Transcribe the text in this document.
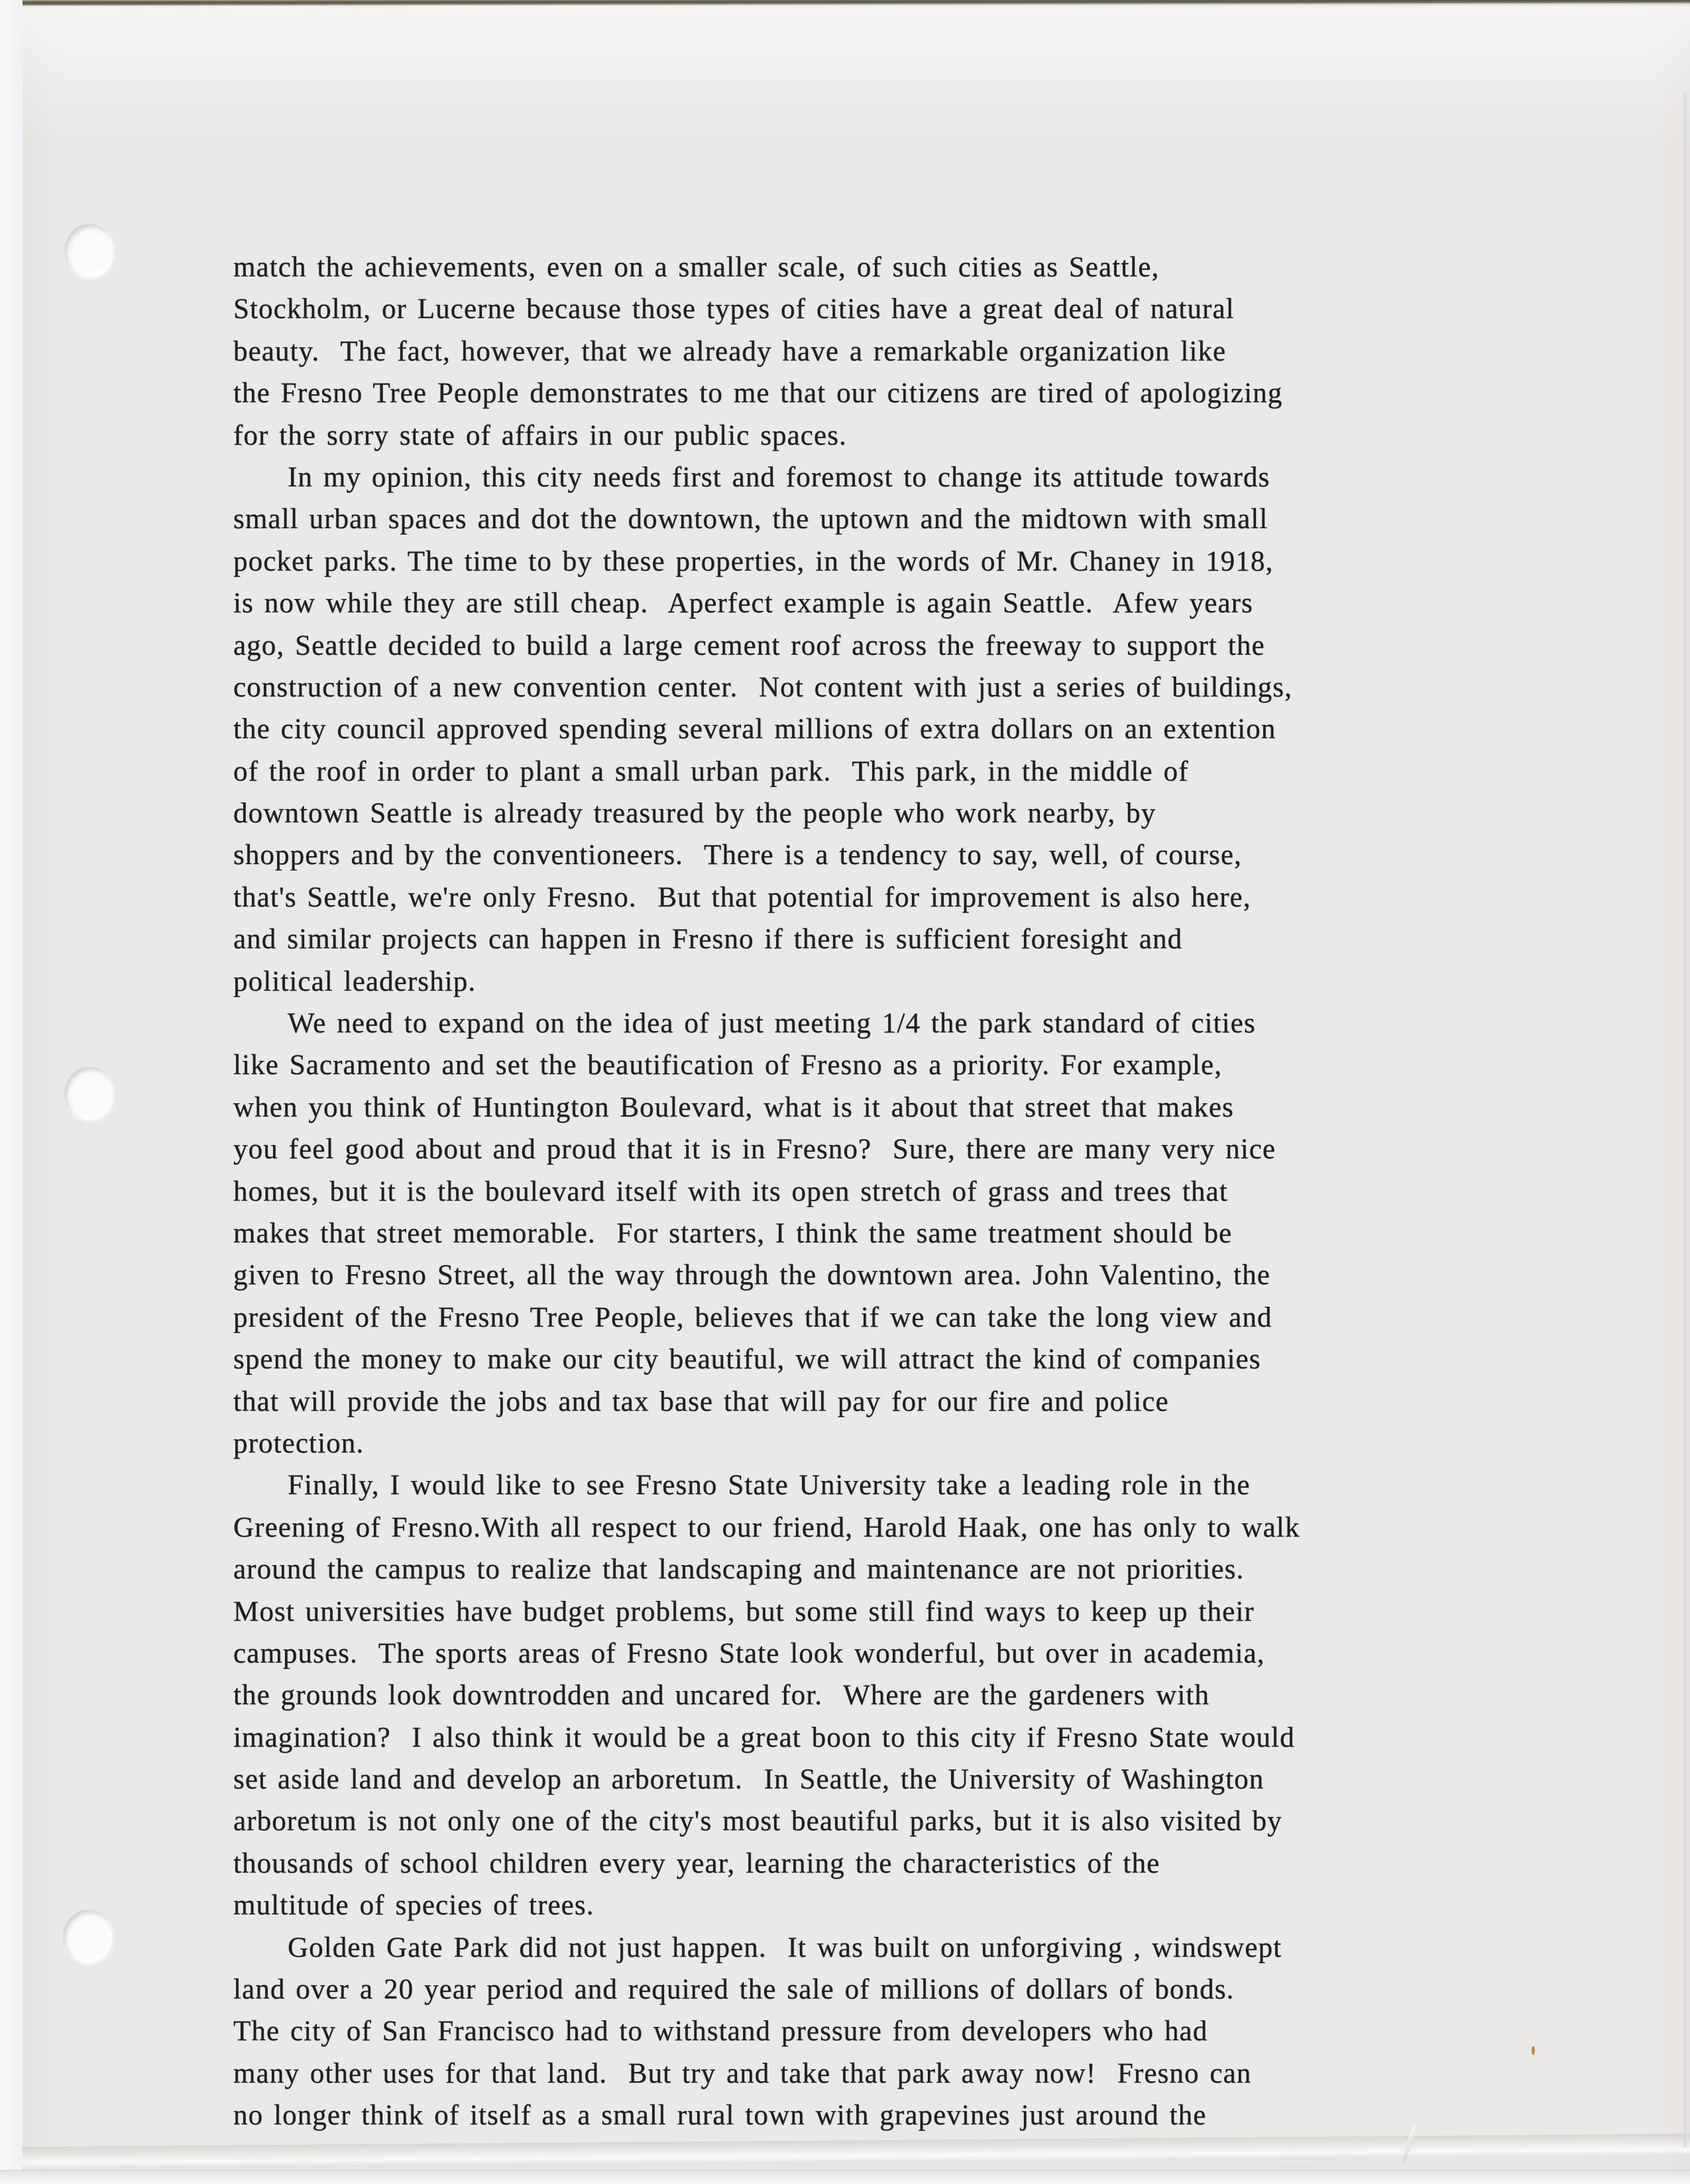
match the achievements, even on a smaller scale, of such cities as Seattle,
Stockholm, or Lucerne because those types of cities have a great deal of natural
beauty.  The fact, however, that we already have a remarkable organization like
the Fresno Tree People demonstrates to me that our citizens are tired of apologizing
for the sorry state of affairs in our public spaces.

In my opinion, this city needs first and foremost to change its attitude towards
small urban spaces and dot the downtown, the uptown and the midtown with small
pocket parks. The time to by these properties, in the words of Mr. Chaney in 1918,
is now while they are still cheap.  Aperfect example is again Seattle.  Afew years
ago, Seattle decided to build a large cement roof across the freeway to support the
construction of a new convention center.  Not content with just a series of buildings,
the city council approved spending several millions of extra dollars on an extention
of the roof in order to plant a small urban park.  This park, in the middle of
downtown Seattle is already treasured by the people who work nearby, by
shoppers and by the conventioneers.  There is a tendency to say, well, of course,
that's Seattle, we're only Fresno.  But that potential for improvement is also here,
and similar projects can happen in Fresno if there is sufficient foresight and
political leadership.

We need to expand on the idea of just meeting 1/4 the park standard of cities
like Sacramento and set the beautification of Fresno as a priority. For example,
when you think of Huntington Boulevard, what is it about that street that makes
you feel good about and proud that it is in Fresno?  Sure, there are many very nice
homes, but it is the boulevard itself with its open stretch of grass and trees that
makes that street memorable.  For starters, I think the same treatment should be
given to Fresno Street, all the way through the downtown area. John Valentino, the
president of the Fresno Tree People, believes that if we can take the long view and
spend the money to make our city beautiful, we will attract the kind of companies
that will provide the jobs and tax base that will pay for our fire and police
protection.

Finally, I would like to see Fresno State University take a leading role in the
Greening of Fresno.With all respect to our friend, Harold Haak, one has only to walk
around the campus to realize that landscaping and maintenance are not priorities.
Most universities have budget problems, but some still find ways to keep up their
campuses.  The sports areas of Fresno State look wonderful, but over in academia,
the grounds look downtrodden and uncared for.  Where are the gardeners with
imagination?  I also think it would be a great boon to this city if Fresno State would
set aside land and develop an arboretum.  In Seattle, the University of Washington
arboretum is not only one of the city's most beautiful parks, but it is also visited by
thousands of school children every year, learning the characteristics of the
multitude of species of trees.

Golden Gate Park did not just happen.  It was built on unforgiving , windswept
land over a 20 year period and required the sale of millions of dollars of bonds.
The city of San Francisco had to withstand pressure from developers who had
many other uses for that land.  But try and take that park away now!  Fresno can
no longer think of itself as a small rural town with grapevines just around the
